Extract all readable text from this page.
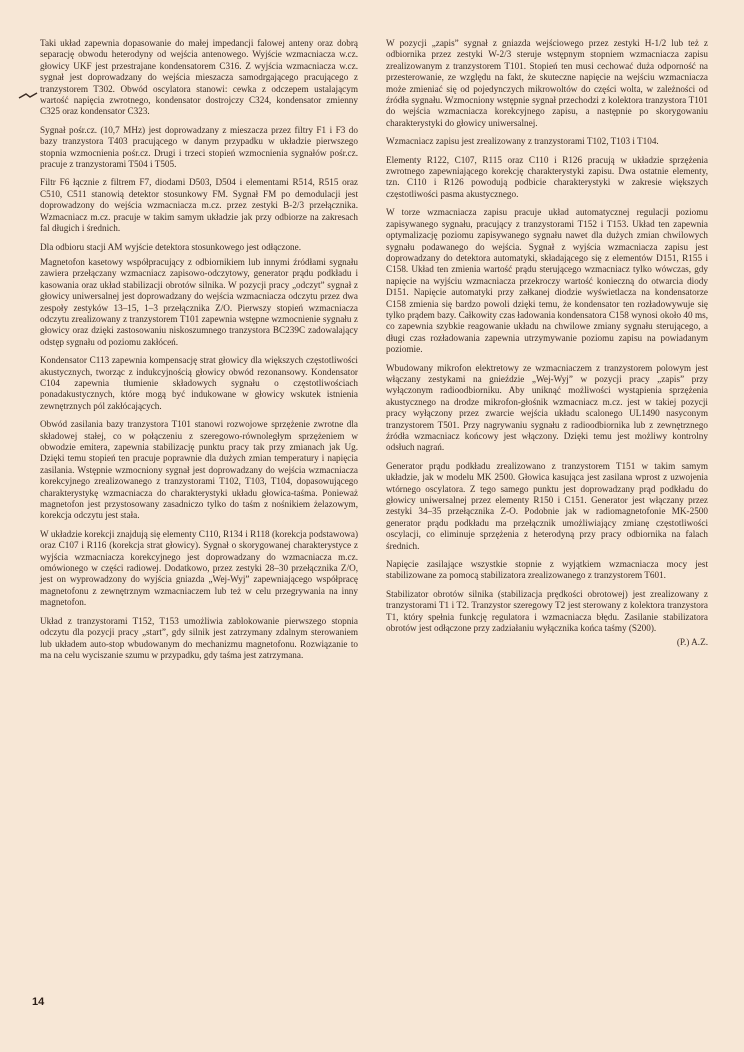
Taki układ zapewnia dopasowanie do małej impedancji falowej anteny oraz dobrą separację obwodu heterodyny od wejścia antenowego. Wyjście wzmacniacza w.cz. głowicy UKF jest przestrajane kondensatorem C316. Z wyjścia wzmacniacza w.cz. sygnał jest doprowadzany do wejścia mieszacza samodrgającego pracującego z tranzystorem T302. Obwód oscylatora stanowi: cewka z odczepem ustalającym wartość napięcia zwrotnego, kondensator dostrojczy C324, kondensator zmienny C325 oraz kondensator C323.

Sygnał pośr.cz. (10,7 MHz) jest doprowadzany z mieszacza przez filtry F1 i F3 do bazy tranzystora T403 pracującego w danym przypadku w układzie pierwszego stopnia wzmocnienia pośr.cz. Drugi i trzeci stopień wzmocnienia sygnałów pośr.cz. pracuje z tranzystorami T504 i T505.

Filtr F6 łącznie z filtrem F7, diodami D503, D504 i elementami R514, R515 oraz C510, C511 stanowią detektor stosunkowy FM. Sygnał FM po demodulacji jest doprowadzony do wejścia wzmacniacza m.cz. przez zestyki B-2/3 przełącznika. Wzmacniacz m.cz. pracuje w takim samym układzie jak przy odbiorze na zakresach fal długich i średnich.

Dla odbioru stacji AM wyjście detektora stosunkowego jest odłączone.

Magnetofon kasetowy współpracujący z odbiornikiem lub innymi źródłami sygnału zawiera przełączany wzmacniacz zapisowo-odczytowy, generator prądu podkładu i kasowania oraz układ stabilizacji obrotów silnika. W pozycji pracy „odczyt” sygnał z głowicy uniwersalnej jest doprowadzany do wejścia wzmacniacza odczytu przez dwa zespoły zestyków 13–15, 1–3 przełącznika Z/O. Pierwszy stopień wzmacniacza odczytu zrealizowany z tranzystorem T101 zapewnia wstępne wzmocnienie sygnału z głowicy oraz dzięki zastosowaniu niskoszumnego tranzystora BC239C zadowalający odstęp sygnału od poziomu zakłóceń.

Kondensator C113 zapewnia kompensację strat głowicy dla większych częstotliwości akustycznych, tworząc z indukcyjnością głowicy obwód rezonansowy. Kondensator C104 zapewnia tłumienie składowych sygnału o częstotliwościach ponadakustycznych, które mogą być indukowane w głowicy wskutek istnienia zewnętrznych pól zakłócających.

Obwód zasilania bazy tranzystora T101 stanowi rozwojowe sprzężenie zwrotne dla składowej stałej, co w połączeniu z szeregowo-równoległym sprzężeniem w obwodzie emitera, zapewnia stabilizację punktu pracy tak przy zmianach jak Ug. Dzięki temu stopień ten pracuje poprawnie dla dużych zmian temperatury i napięcia zasilania. Wstępnie wzmocniony sygnał jest doprowadzany do wejścia wzmacniacza korekcyjnego zrealizowanego z tranzystorami T102, T103, T104, dopasowującego charakterystykę wzmacniacza do charakterystyki układu głowica-taśma. Ponieważ magnetofon jest przystosowany zasadniczo tylko do taśm z nośnikiem żelazowym, korekcja odczytu jest stała.

W układzie korekcji znajdują się elementy C110, R134 i R118 (korekcja podstawowa) oraz C107 i R116 (korekcja strat głowicy). Sygnał o skorygowanej charakterystyce z wyjścia wzmacniacza korekcyjnego jest doprowadzany do wzmacniacza m.cz. omówionego w części radiowej. Dodatkowo, przez zestyki 28–30 przełącznika Z/O, jest on wyprowadzony do wyjścia gniazda „Wej-Wyj” zapewniającego współpracę magnetofonu z zewnętrznym wzmacniaczem lub też w celu przegrywania na inny magnetofon.

Układ z tranzystorami T152, T153 umożliwia zablokowanie pierwszego stopnia odczytu dla pozycji pracy „start”, gdy silnik jest zatrzymany zdalnym sterowaniem lub układem auto-stop wbudowanym do mechanizmu magnetofonu. Rozwiązanie to ma na celu wyciszanie szumu w przypadku, gdy taśma jest zatrzymana.

W pozycji „zapis” sygnał z gniazda wejściowego przez zestyki H-1/2 lub też z odbiornika przez zestyki W-2/3 steruje wstępnym stopniem wzmacniacza zapisu zrealizowanym z tranzystorem T101. Stopień ten musi cechować duża odporność na przesterowanie, ze względu na fakt, że skuteczne napięcie na wejściu wzmacniacza może zmieniać się od pojedynczych mikrowoltów do części wolta, w zależności od źródła sygnału. Wzmocniony wstępnie sygnał przechodzi z kolektora tranzystora T101 do wejścia wzmacniacza korekcyjnego zapisu, a następnie po skorygowaniu charakterystyki do głowicy uniwersalnej.

Wzmacniacz zapisu jest zrealizowany z tranzystorami T102, T103 i T104.

Elementy R122, C107, R115 oraz C110 i R126 pracują w układzie sprzężenia zwrotnego zapewniającego korekcję charakterystyki zapisu. Dwa ostatnie elementy, tzn. C110 i R126 powodują podbicie charakterystyki w zakresie większych częstotliwości pasma akustycznego.

W torze wzmacniacza zapisu pracuje układ automatycznej regulacji poziomu zapisywanego sygnału, pracujący z tranzystorami T152 i T153. Układ ten zapewnia optymalizację poziomu zapisywanego sygnału nawet dla dużych zmian chwilowych sygnału podawanego do wejścia. Sygnał z wyjścia wzmacniacza zapisu jest doprowadzany do detektora automatyki, składającego się z elementów D151, R155 i C158. Układ ten zmienia wartość prądu sterującego wzmacniacz tylko wówczas, gdy napięcie na wyjściu wzmacniacza przekroczy wartość konieczną do otwarcia diody D151. Napięcie automatyki przy załkanej diodzie wyświetlacza na kondensatorze C158 zmienia się bardzo powoli dzięki temu, że kondensator ten rozładowywuje się tylko prądem bazy. Całkowity czas ładowania kondensatora C158 wynosi około 40 ms, co zapewnia szybkie reagowanie układu na chwilowe zmiany sygnału sterującego, a długi czas rozładowania zapewnia utrzymywanie poziomu zapisu na powiadanym poziomie.

Wbudowany mikrofon elektretowy ze wzmacniaczem z tranzystorem polowym jest włączany zestykami na gnieździe „Wej-Wyj” w pozycji pracy „zapis” przy wyłączonym radioodbiorniku. Aby uniknąć możliwości wystąpienia sprzężenia akustycznego na drodze mikrofon-głośnik wzmacniacz m.cz. jest w takiej pozycji pracy wyłączony przez zwarcie wejścia układu scalonego UL1490 nasyconym tranzystorem T501. Przy nagrywaniu sygnału z radioodbiornika lub z zewnętrznego źródła wzmacniacz końcowy jest włączony. Dzięki temu jest możliwy kontrolny odsłuch nagrań.

Generator prądu podkładu zrealizowano z tranzystorem T151 w takim samym układzie, jak w modelu MK 2500. Głowica kasująca jest zasilana wprost z uzwojenia wtórnego oscylatora. Z tego samego punktu jest doprowadzany prąd podkładu do głowicy uniwersalnej przez elementy R150 i C151. Generator jest włączany przez zestyki 34–35 przełącznika Z-O. Podobnie jak w radiomagnetofonie MK-2500 generator prądu podkładu ma przełącznik umożliwiający zmianę częstotliwości oscylacji, co eliminuje sprzężenia z heterodyną przy pracy odbiornika na falach średnich.

Napięcie zasilające wszystkie stopnie z wyjątkiem wzmacniacza mocy jest stabilizowane za pomocą stabilizatora zrealizowanego z tranzystorem T601.

Stabilizator obrotów silnika (stabilizacja prędkości obrotowej) jest zrealizowany z tranzystorami T1 i T2. Tranzystor szeregowy T2 jest sterowany z kolektora tranzystora T1, który spełnia funkcję regulatora i wzmacniacza błędu. Zasilanie stabilizatora obrotów jest odłączone przy zadziałaniu wyłącznika końca taśmy (S200).

(P.) A.Z.
14
